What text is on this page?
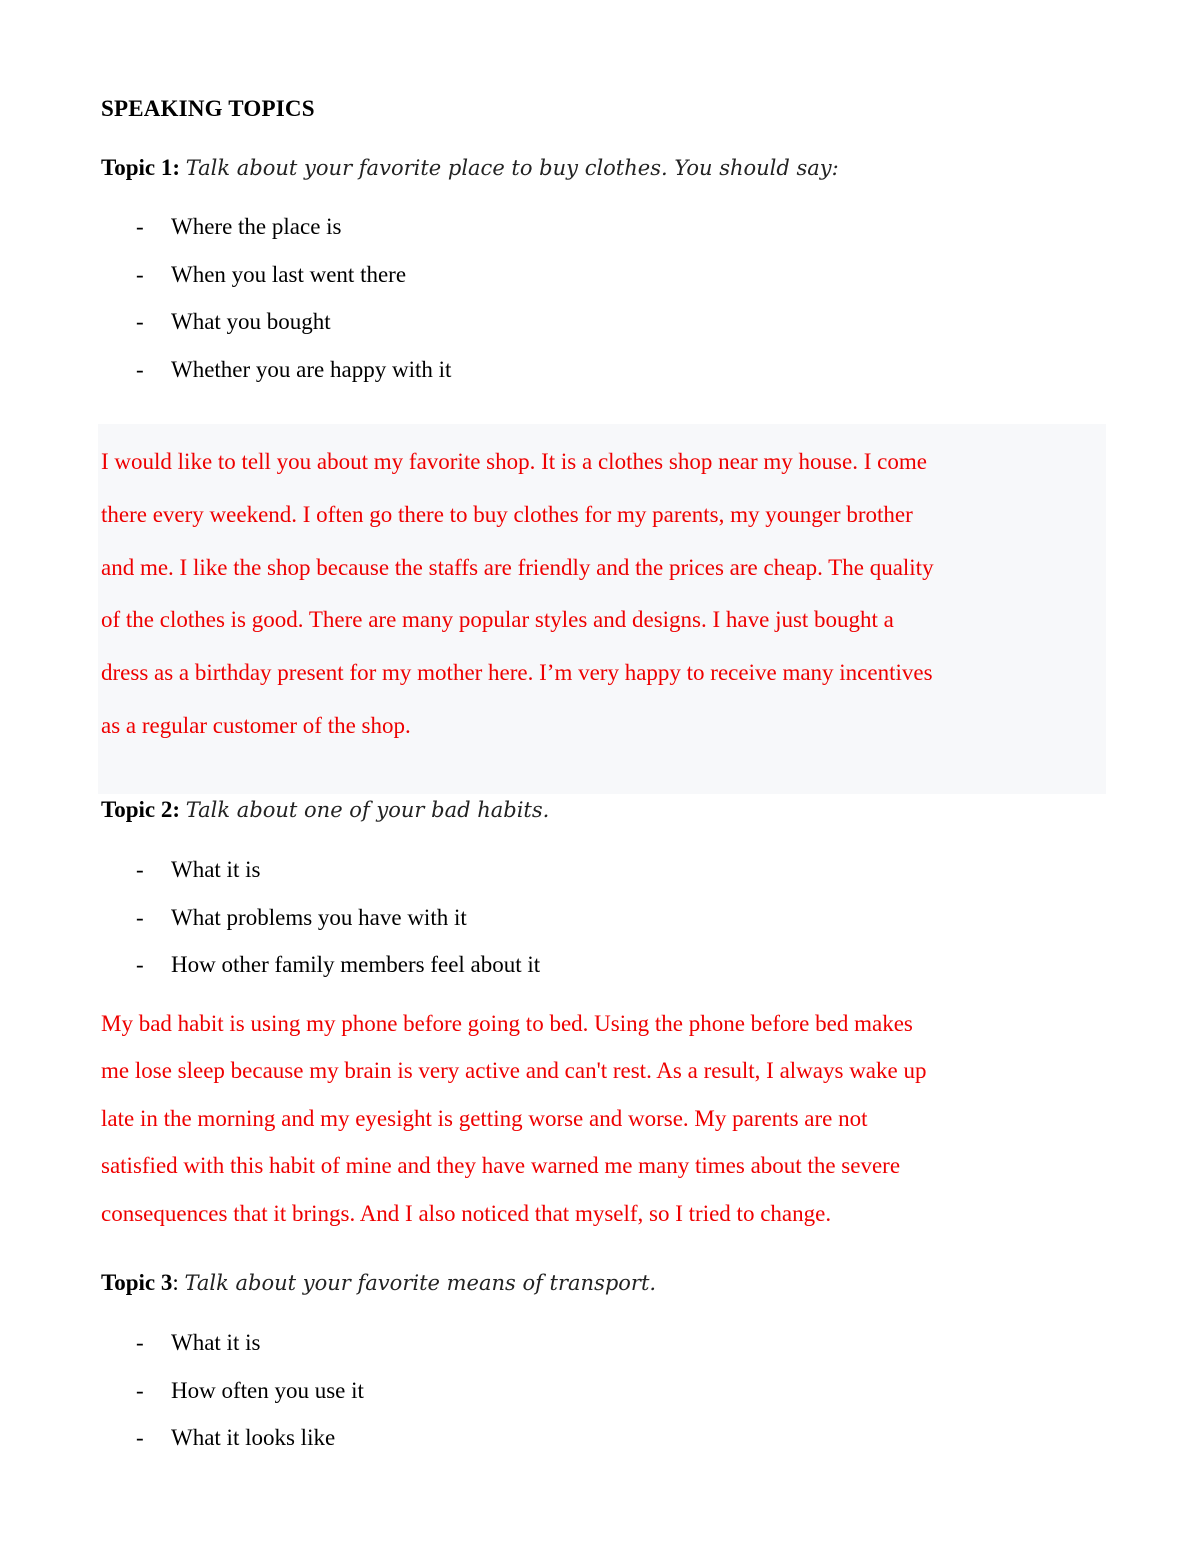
SPEAKING TOPICS
Topic 1: Talk about your favorite place to buy clothes. You should say:
- Where the place is
- When you last went there
- What you bought
- Whether you are happy with it

I would like to tell you about my favorite shop. It is a clothes shop near my house. I come
there every weekend. I often go there to buy clothes for my parents, my younger brother
and me. I like the shop because the staffs are friendly and the prices are cheap. The quality
of the clothes is good. There are many popular styles and designs. I have just bought a
dress as a birthday present for my mother here. I’m very happy to receive many incentives
as a regular customer of the shop.

Topic 2: Talk about one of your bad habits.
- What it is
- What problems you have with it
- How other family members feel about it

My bad habit is using my phone before going to bed. Using the phone before bed makes
me lose sleep because my brain is very active and can't rest. As a result, I always wake up
late in the morning and my eyesight is getting worse and worse. My parents are not
satisfied with this habit of mine and they have warned me many times about the severe
consequences that it brings. And I also noticed that myself, so I tried to change.

Topic 3: Talk about your favorite means of transport.
- What it is
- How often you use it
- What it looks like
